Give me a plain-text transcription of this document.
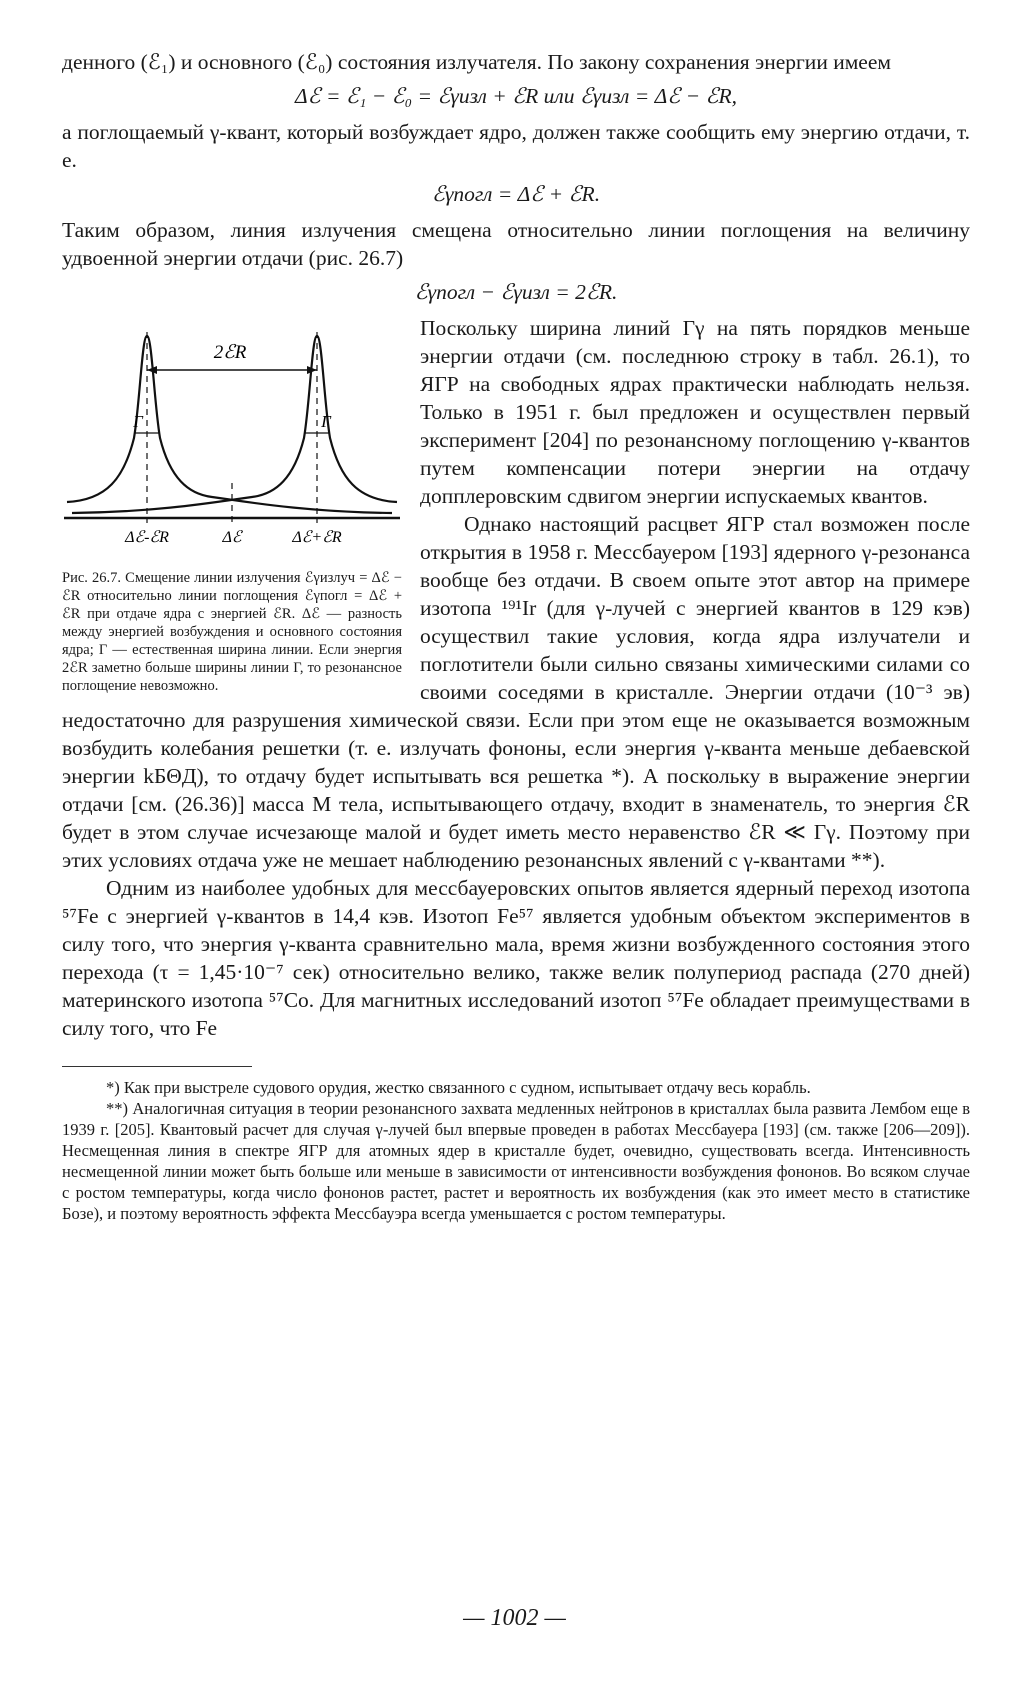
денного (ℰ₁) и основного (ℰ₀) состояния излучателя. По закону сохранения энергии имеем

Δℰ = ℰ₁ − ℰ₀ = ℰγизл + ℰR или ℰγизл = Δℰ − ℰR,

а поглощаемый γ-квант, который возбуждает ядро, должен также сообщить ему энергию отдачи, т. е.

ℰγпогл = Δℰ + ℰR.

Таким образом, линия излучения смещена относительно линии поглощения на величину удвоенной энергии отдачи (рис. 26.7)

ℰγпогл − ℰγизл = 2ℰR.

2ℰR
Г	Г
Δℰ-ℰR	Δℰ	Δℰ+ℰR
Рис. 26.7. Смещение линии излучения ℰγизлуч = Δℰ − ℰR относительно линии поглощения ℰγпогл = Δℰ + ℰR при отдаче ядра с энергией ℰR. Δℰ — разность между энергией возбуждения и основного состояния ядра; Γ — естественная ширина линии. Если энергия 2ℰR заметно больше ширины линии Γ, то резонансное поглощение невозможно.

Поскольку ширина линий Γγ на пять порядков меньше энергии отдачи (см. последнюю строку в табл. 26.1), то ЯГР на свободных ядрах практически наблюдать нельзя. Только в 1951 г. был предложен и осуществлен первый эксперимент [204] по резонансному поглощению γ-квантов путем компенсации потери энергии на отдачу допплеровским сдвигом энергии испускаемых квантов.

Однако настоящий расцвет ЯГР стал возможен после открытия в 1958 г. Мессбауером [193] ядерного γ-резонанса вообще без отдачи. В своем опыте этот автор на примере изотопа ¹⁹¹Ir (для γ-лучей с энергией квантов в 129 кэв) осуществил такие условия, когда ядра излучатели и поглотители были сильно связаны химическими силами со своими соседями в кристалле. Энергии отдачи (10⁻³ эв) недостаточно для разрушения химической связи. Если при этом еще не оказывается возможным возбудить колебания решетки (т. е. излучать фононы, если энергия γ-кванта меньше дебаевской энергии kБΘД), то отдачу будет испытывать вся решетка *). А поскольку в выражение энергии отдачи [см. (26.36)] масса M тела, испытывающего отдачу, входит в знаменатель, то энергия ℰR будет в этом случае исчезающе малой и будет иметь место неравенство ℰR ≪ Γγ. Поэтому при этих условиях отдача уже не мешает наблюдению резонансных явлений с γ-квантами **).

Одним из наиболее удобных для мессбауеровских опытов является ядерный переход изотопа ⁵⁷Fe с энергией γ-квантов в 14,4 кэв. Изотоп Fe⁵⁷ является удобным объектом экспериментов в силу того, что энергия γ-кванта сравнительно мала, время жизни возбужденного состояния этого перехода (τ = 1,45·10⁻⁷ сек) относительно велико, также велик полупериод распада (270 дней) материнского изотопа ⁵⁷Co. Для магнитных исследований изотоп ⁵⁷Fe обладает преимуществами в силу того, что Fe

*) Как при выстреле судового орудия, жестко связанного с судном, испытывает отдачу весь корабль.

**) Аналогичная ситуация в теории резонансного захвата медленных нейтронов в кристаллах была развита Лембом еще в 1939 г. [205]. Квантовый расчет для случая γ-лучей был впервые проведен в работах Мессбауера [193] (см. также [206—209]). Несмещенная линия в спектре ЯГР для атомных ядер в кристалле будет, очевидно, существовать всегда. Интенсивность несмещенной линии может быть больше или меньше в зависимости от интенсивности возбуждения фононов. Во всяком случае с ростом температуры, когда число фононов растет, растет и вероятность их возбуждения (как это имеет место в статистике Бозе), и поэтому вероятность эффекта Мессбауэра всегда уменьшается с ростом температуры.

— 1002 —
